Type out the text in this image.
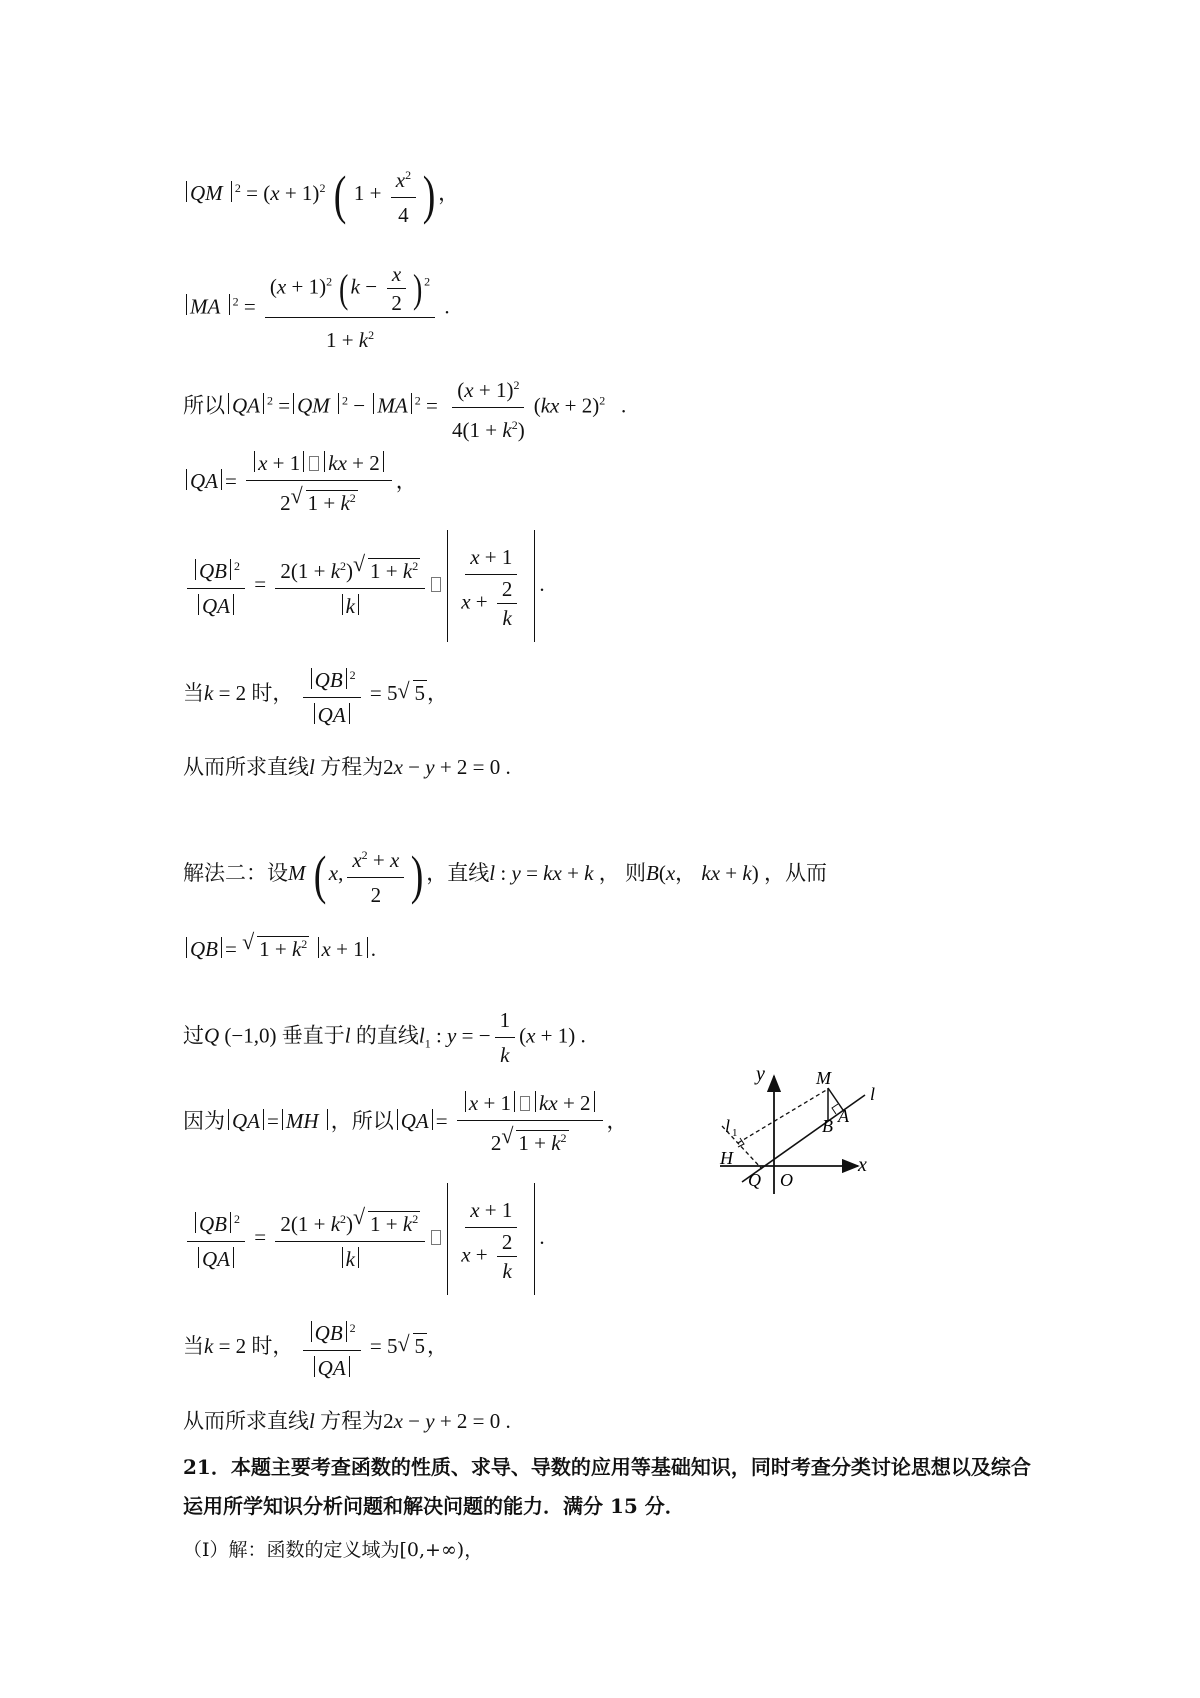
QM $^2 = (x + 1)^2$ ( $1 + \frac{x^2}{4}$ ) ，
MA $^2 = \frac{(x + 1)^2 (k - \frac{x}{2} ) ^2}{1 + k^2}$ .
所以 QA $^2$ = QM $^2$ − MA $^2 = \frac{(x + 1)^2}{4(1 + k^2)} (kx + 2)^2$   .
QA = $\frac{x + 1 kx + 2}{2√ 1 + k^2}$ ，
$\frac{QB ^2}{QA} = \frac{2(1 + k^2)√ 1 + k^2}{k} \frac{x + 1}{x + \frac{2}{k}}$ .
当k = 2 时， $\frac{QB ^2}{QA} = 5√$ 5，
从而所求直线l 方程为2x − y + 2 = 0 .
解法二：设M ( x, $\frac{x^2 + x}{2}$ ) ，直线l : y = kx + k ， 则B(x， kx + k) ，从而
QB = √ $1 + k^2$ x + 1 .
过Q (−1,0) 垂直于l 的直线$l_1$ : y = − $\frac{1}{k} (x + 1)$ .
因为 QA = MH ，所以 QA = $\frac{x + 1 kx + 2}{2√ 1 + k^2}$ ，
$\frac{QB ^2}{QA} = \frac{2(1 + k^2)√ 1 + k^2}{k} \frac{x + 1}{x + \frac{2}{k}}$ .
当k = 2 时， $\frac{QB ^2}{QA} = 5√$ 5，
从而所求直线l 方程为2x − y + 2 = 0 .
21．本题主要考查函数的性质、求导、导数的应用等基础知识，同时考查分类讨论思想以及综合
运用所学知识分析问题和解决问题的能力．满分 15 分．
（Ⅰ）解：函数的定义域为[0,+∞)，
y
x
M
l
A
B
l 1
H
Q O
